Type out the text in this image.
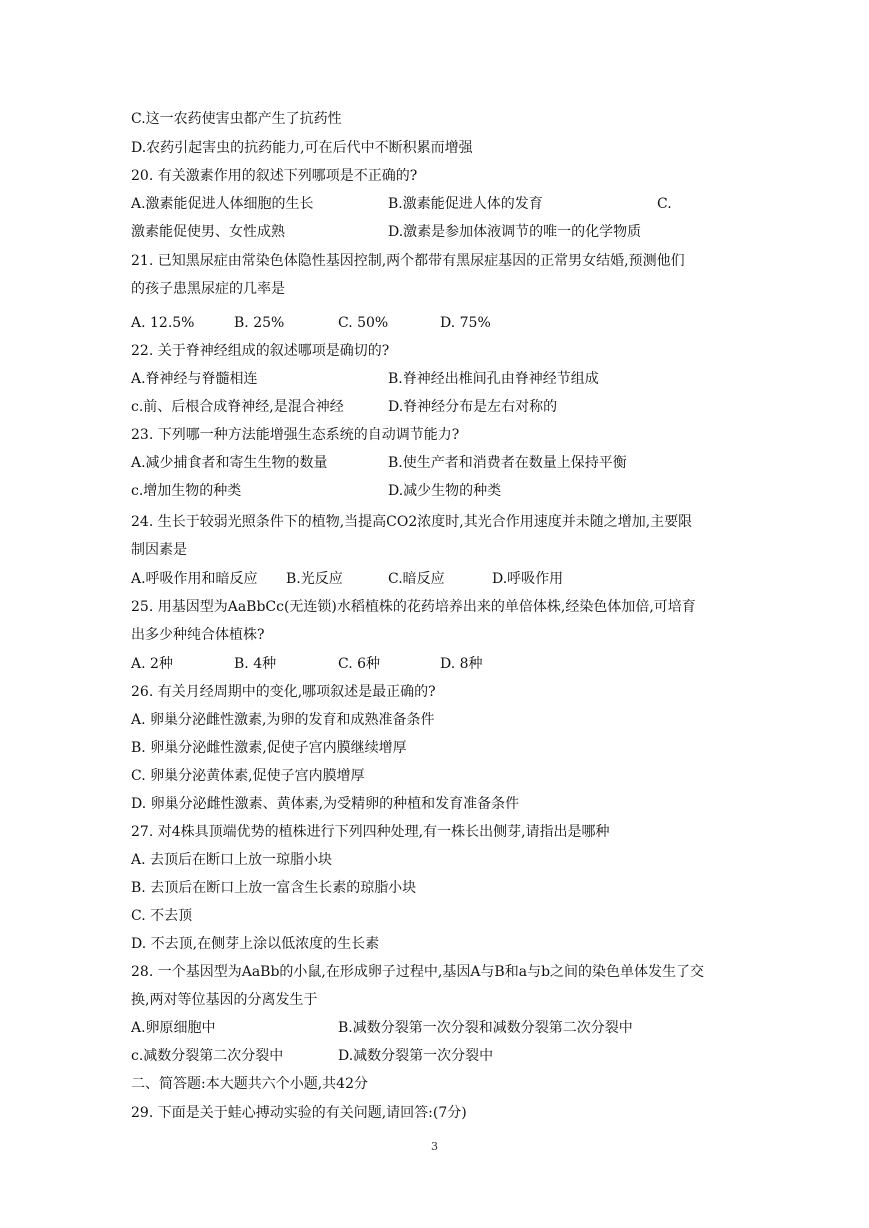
C.这一农药使害虫都产生了抗药性
D.农药引起害虫的抗药能力,可在后代中不断积累而增强
20. 有关激素作用的叙述下列哪项是不正确的?
A.激素能促进人体细胞的生长	B.激素能促进人体的发育	C.
激素能促使男、女性成熟	D.激素是参加体液调节的唯一的化学物质
21. 已知黑尿症由常染色体隐性基因控制,两个都带有黑尿症基因的正常男女结婚,预测他们
的孩子患黑尿症的几率是
A. 12.5%	B. 25%	C. 50%	D. 75%
22. 关于脊神经组成的叙述哪项是确切的?
A.脊神经与脊髓相连	B.脊神经出椎间孔由脊神经节组成
c.前、后根合成脊神经,是混合神经	D.脊神经分布是左右对称的
23. 下列哪一种方法能增强生态系统的自动调节能力?
A.减少捕食者和寄生生物的数量	B.使生产者和消费者在数量上保持平衡
c.增加生物的种类	D.减少生物的种类
24. 生长于较弱光照条件下的植物,当提高CO2浓度时,其光合作用速度并未随之增加,主要限
制因素是
A.呼吸作用和暗反应 B.光反应	C.暗反应	D.呼吸作用
25. 用基因型为AaBbCc(无连锁)水稻植株的花药培养出来的单倍体株,经染色体加倍,可培育
出多少种纯合体植株?
A. 2种	B. 4种	C. 6种	D. 8种
26. 有关月经周期中的变化,哪项叙述是最正确的?
A. 卵巢分泌雌性激素,为卵的发育和成熟准备条件
B. 卵巢分泌雌性激素,促使子宫内膜继续增厚
C. 卵巢分泌黄体素,促使子宫内膜增厚
D. 卵巢分泌雌性激素、黄体素,为受精卵的种植和发育准备条件
27. 对4株具顶端优势的植株进行下列四种处理,有一株长出侧芽,请指出是哪种
A. 去顶后在断口上放一琼脂小块
B. 去顶后在断口上放一富含生长素的琼脂小块
C. 不去顶
D. 不去顶,在侧芽上涂以低浓度的生长素
28. 一个基因型为AaBb的小鼠,在形成卵子过程中,基因A与B和a与b之间的染色单体发生了交
换,两对等位基因的分离发生于
A.卵原细胞中	B.减数分裂第一次分裂和减数分裂第二次分裂中
c.减数分裂第二次分裂中	D.减数分裂第一次分裂中
二、简答题:本大题共六个小题,共42分
29. 下面是关于蛙心搏动实验的有关问题,请回答:(7分)
3
